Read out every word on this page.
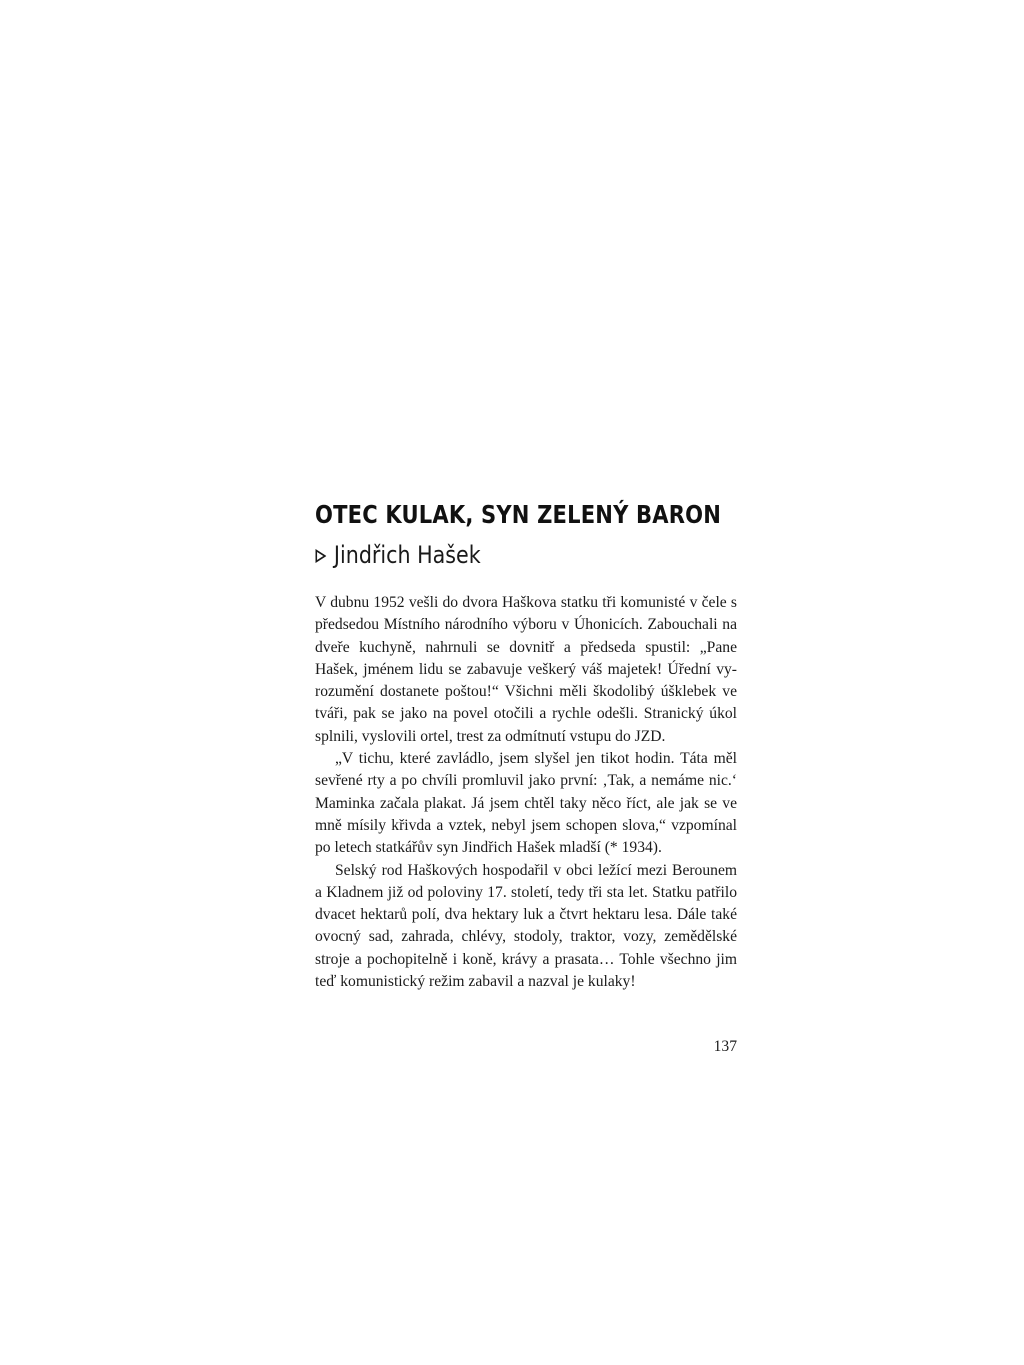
OTEC KULAK, SYN ZELENÝ BARON
Jindřich Hašek

V dubnu 1952 vešli do dvora Haškova statku tři komunisté v čele s předsedou Místního národního výboru v Úhonicích. Zabouchali na dveře kuchyně, nahrnuli se dovnitř a předseda spustil: „Pane Hašek, jménem lidu se zabavuje veškerý váš majetek! Úřední vyrozumění dostanete poštou!“ Všichni měli škodolibý úšklebek ve tváři, pak se jako na povel otočili a rychle odešli. Stranický úkol splnili, vyslovili ortel, trest za odmítnutí vstupu do JZD.

„V tichu, které zavládlo, jsem slyšel jen tikot hodin. Táta měl sevřené rty a po chvíli promluvil jako první: ‚Tak, a nemáme nic.‘ Maminka začala plakat. Já jsem chtěl taky něco říct, ale jak se ve mně mísily křivda a vztek, nebyl jsem schopen slova,“ vzpomínal po letech statkářův syn Jindřich Hašek mladší (* 1934).

Selský rod Haškových hospodařil v obci ležící mezi Berounem a Kladnem již od poloviny 17. století, tedy tři sta let. Statku patřilo dvacet hektarů polí, dva hektary luk a čtvrt hektaru lesa. Dále také ovocný sad, zahrada, chlévy, stodoly, traktor, vozy, zemědělské stroje a pochopitelně i koně, krávy a prasata… Tohle všechno jim teď komunistický režim zabavil a nazval je kulaky!

137
